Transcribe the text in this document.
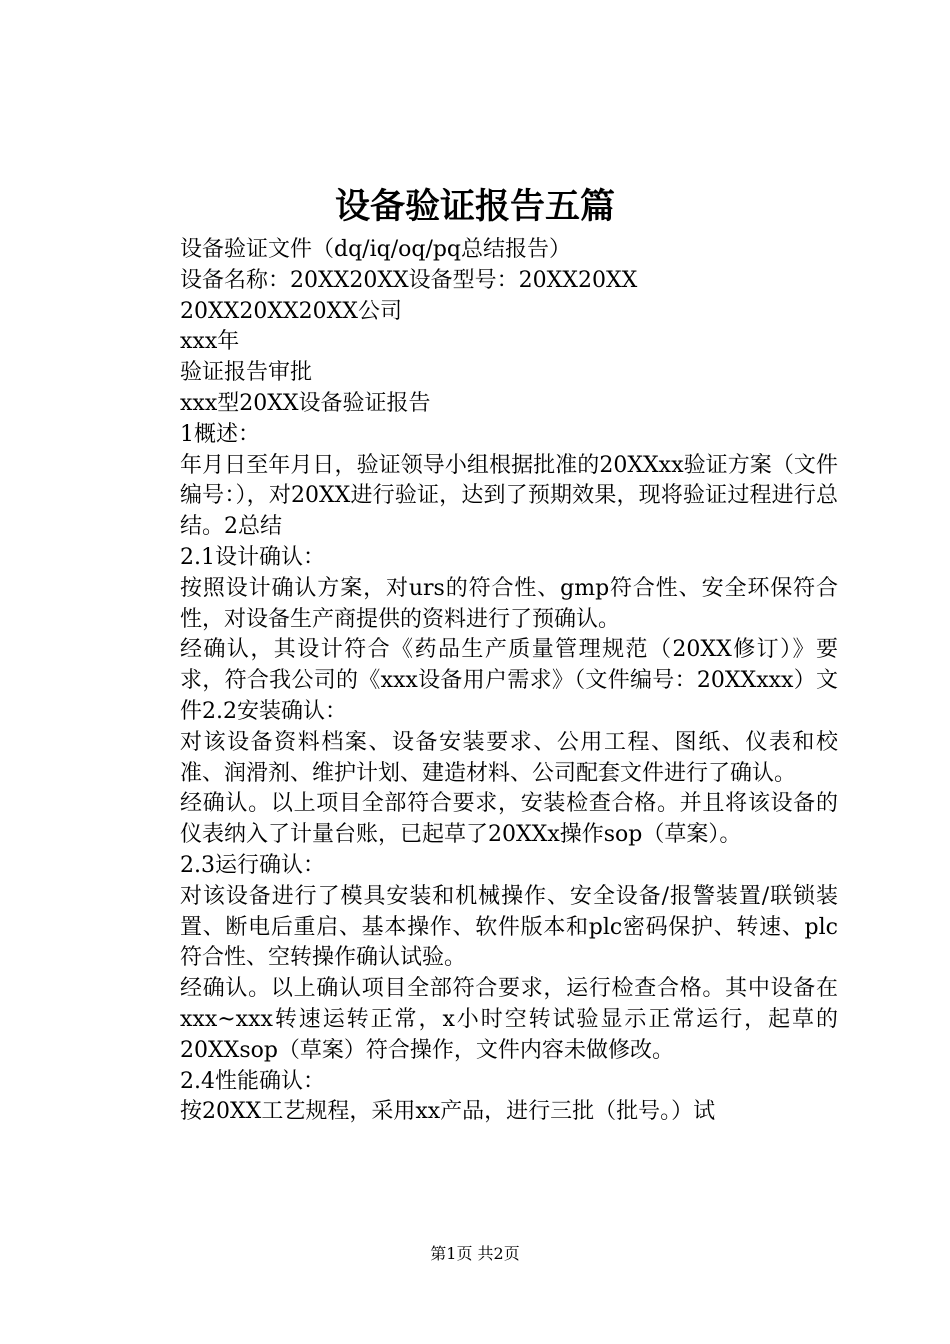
设备验证报告五篇

设备验证文件（dq/iq/oq/pq总结报告）

设备名称：20XX20XX设备型号：20XX20XX

20XX20XX20XX公司

xxx年

验证报告审批

xxx型20XX设备验证报告

1概述：

年月日至年月日，验证领导小组根据批准的20XXxx验证方案（文件编号：），对20XX进行验证，达到了预期效果，现将验证过程进行总结。2总结

2.1设计确认：

按照设计确认方案，对urs的符合性、gmp符合性、安全环保符合性，对设备生产商提供的资料进行了预确认。

经确认，其设计符合《药品生产质量管理规范（20XX修订）》要求，符合我公司的《xxx设备用户需求》（文件编号：20XXxxx）文件2.2安装确认：

对该设备资料档案、设备安装要求、公用工程、图纸、仪表和校准、润滑剂、维护计划、建造材料、公司配套文件进行了确认。

经确认。以上项目全部符合要求，安装检查合格。并且将该设备的仪表纳入了计量台账，已起草了20XXx操作sop（草案）。

2.3运行确认：

对该设备进行了模具安装和机械操作、安全设备/报警装置/联锁装置、断电后重启、基本操作、软件版本和plc密码保护、转速、plc符合性、空转操作确认试验。

经确认。以上确认项目全部符合要求，运行检查合格。其中设备在xxx~xxx转速运转正常，x小时空转试验显示正常运行，起草的20XXsop（草案）符合操作，文件内容未做修改。

2.4性能确认：

按20XX工艺规程，采用xx产品，进行三批（批号。）试

第1页 共2页
